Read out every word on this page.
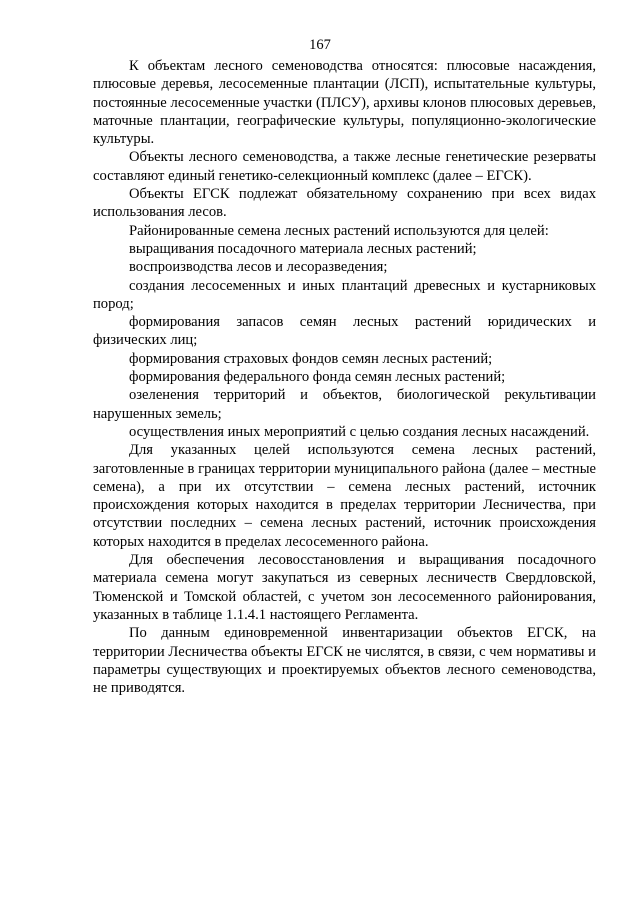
167

К объектам лесного семеноводства относятся: плюсовые насаждения, плюсовые деревья, лесосеменные плантации (ЛСП), испытательные культуры, постоянные лесосеменные участки (ПЛСУ), архивы клонов плюсовых деревьев, маточные плантации, географические культуры, популяционно-экологические культуры.

Объекты лесного семеноводства, а также лесные генетические резерваты составляют единый генетико-селекционный комплекс (далее – ЕГСК).

Объекты ЕГСК подлежат обязательному сохранению при всех видах использования лесов.

Районированные семена лесных растений используются для целей:

выращивания посадочного материала лесных растений;

воспроизводства лесов и лесоразведения;

создания лесосеменных и иных плантаций древесных и кустарниковых пород;

формирования запасов семян лесных растений юридических и физических лиц;

формирования страховых фондов семян лесных растений;

формирования федерального фонда семян лесных растений;

озеленения территорий и объектов, биологической рекультивации нарушенных земель;

осуществления иных мероприятий с целью создания лесных насаждений.

Для указанных целей используются семена лесных растений, заготовленные в границах территории муниципального района (далее – местные семена), а при их отсутствии – семена лесных растений, источник происхождения которых находится в пределах территории Лесничества, при отсутствии последних – семена лесных растений, источник происхождения которых находится в пределах лесосеменного района.

Для обеспечения лесовосстановления и выращивания посадочного материала семена могут закупаться из северных лесничеств Свердловской, Тюменской и Томской областей, с учетом зон лесосеменного районирования, указанных в таблице 1.1.4.1 настоящего Регламента.

По данным единовременной инвентаризации объектов ЕГСК, на территории Лесничества объекты ЕГСК не числятся, в связи, с чем нормативы и параметры существующих и проектируемых объектов лесного семеноводства, не приводятся.
